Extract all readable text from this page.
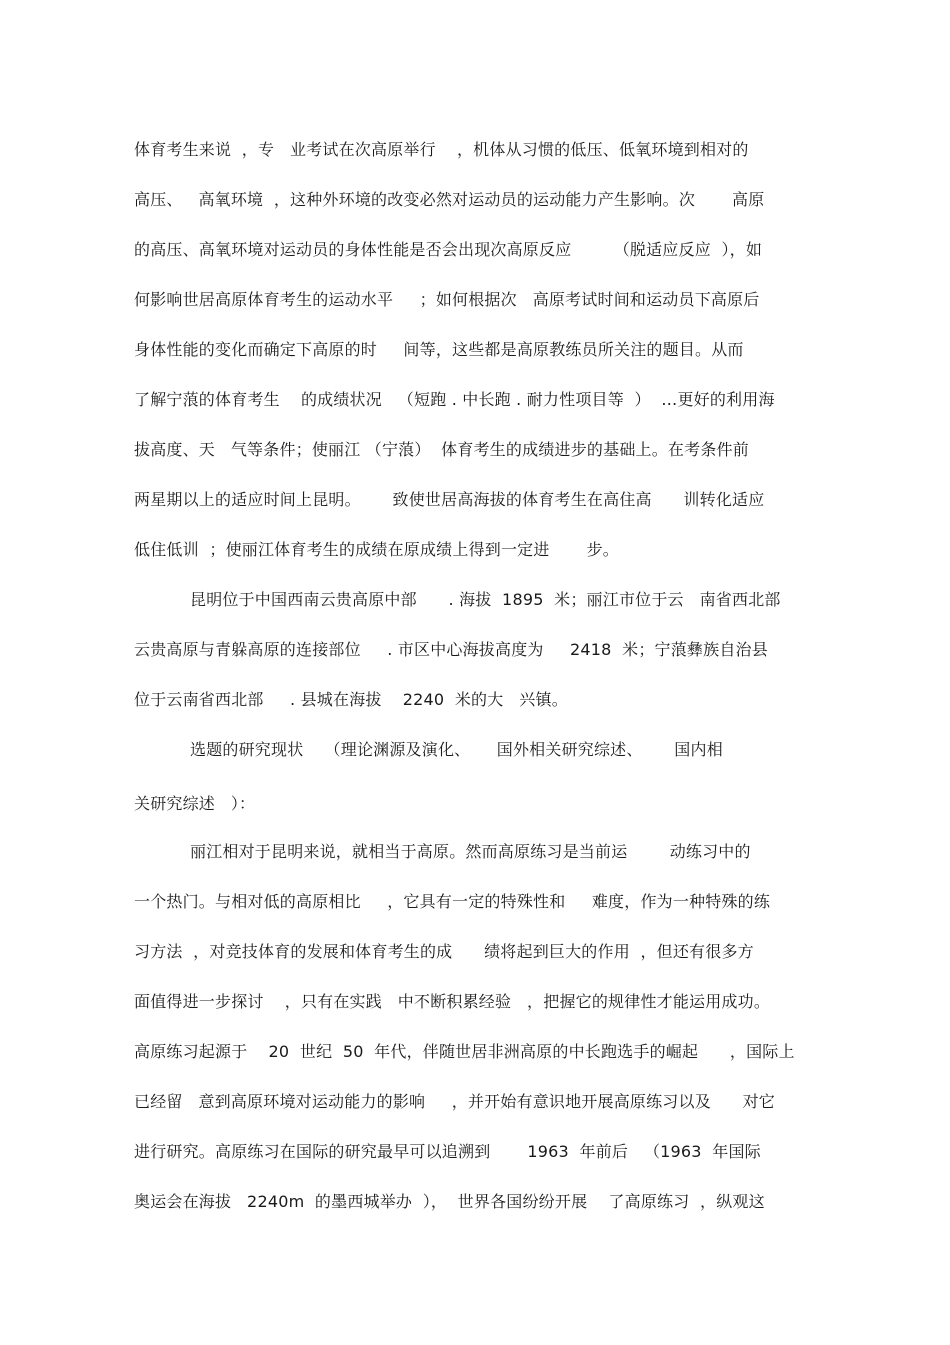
体育考生来说  ，专   业考试在次高原举行    ，机体从习惯的低压、低氧环境到相对的
高压、   高氧环境  ，这种外环境的改变必然对运动员的运动能力产生影响。次       高原
的高压、高氧环境对运动员的身体性能是否会出现次高原反应        （脱适应反应  ），如
何影响世居高原体育考生的运动水平     ；如何根据次   高原考试时间和运动员下高原后
身体性能的变化而确定下高原的时     间等，这些都是高原教练员所关注的题目。从而
了解宁蒗的体育考生    的成绩状况   （短跑 . 中长跑 . 耐力性项目等  ）  …更好的利用海
拔高度、天   气等条件；使丽江 （宁蒗）  体育考生的成绩进步的基础上。在考条件前
两星期以上的适应时间上昆明。      致使世居高海拔的体育考生在高住高      训转化适应
低住低训  ；使丽江体育考生的成绩在原成绩上得到一定进       步。
昆明位于中国西南云贵高原中部      . 海拔  1895  米；丽江市位于云   南省西北部
云贵高原与青躲高原的连接部位     . 市区中心海拔高度为     2418  米；宁蒗彝族自治县
位于云南省西北部     . 县城在海拔    2240  米的大   兴镇。
选题的研究现状    （理论渊源及演化、     国外相关研究综述、      国内相
关研究综述   ）：
丽江相对于昆明来说，就相当于高原。然而高原练习是当前运        动练习中的
一个热门。与相对低的高原相比     ，它具有一定的特殊性和     难度，作为一种特殊的练
习方法  ，对竞技体育的发展和体育考生的成      绩将起到巨大的作用  ，但还有很多方
面值得进一步探讨    ，只有在实践   中不断积累经验   ，把握它的规律性才能运用成功。
高原练习起源于    20  世纪  50  年代，伴随世居非洲高原的中长跑选手的崛起      ，国际上
已经留   意到高原环境对运动能力的影响     ，并开始有意识地开展高原练习以及      对它
进行研究。高原练习在国际的研究最早可以追溯到       1963  年前后   （1963  年国际
奥运会在海拔   2240m  的墨西城举办  ），  世界各国纷纷开展    了高原练习  ，纵观这
